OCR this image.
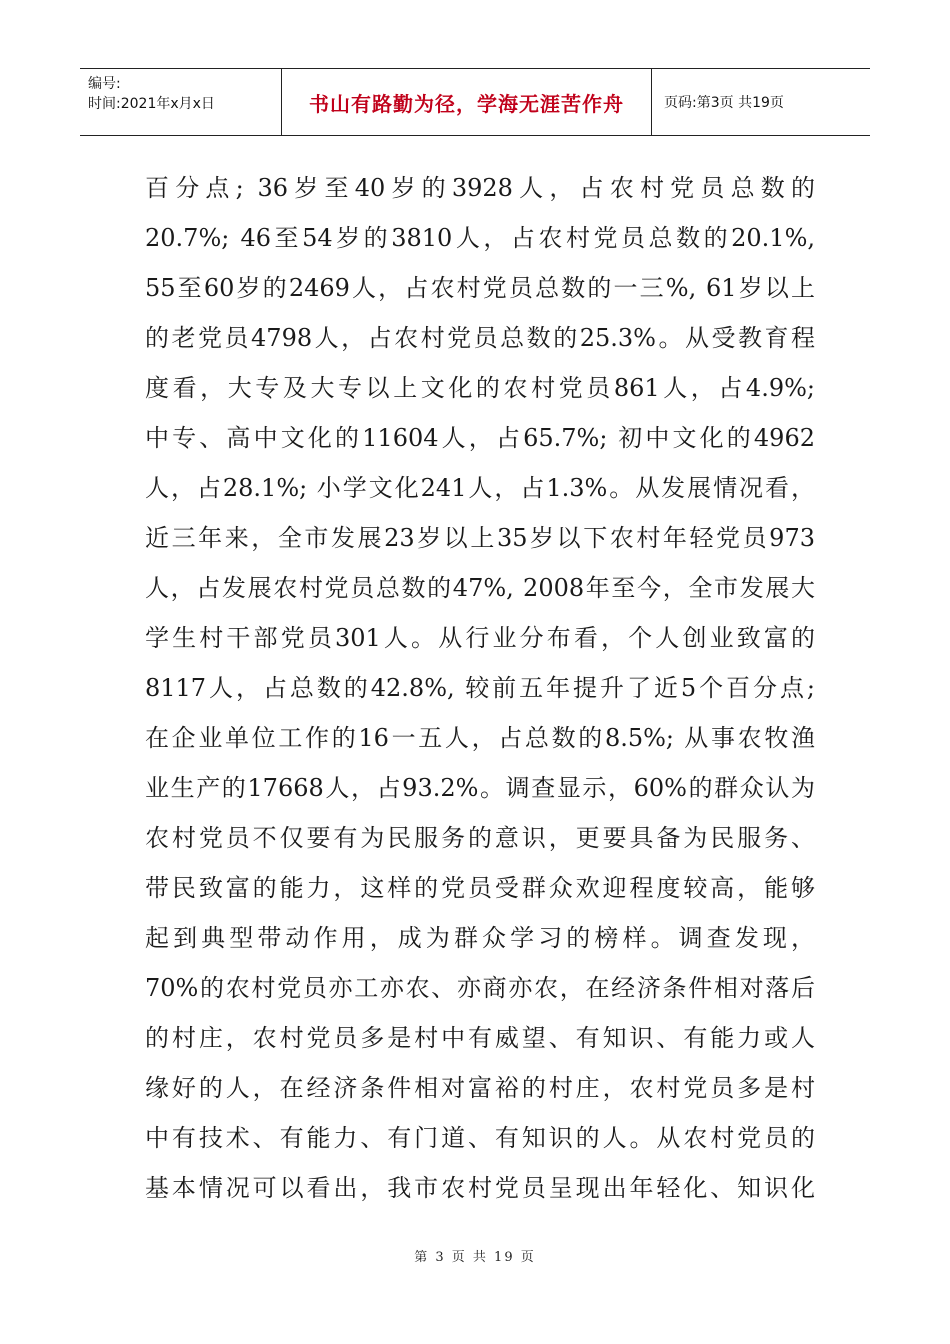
编号:
时间:2021年x月x日	书山有路勤为径，学海无涯苦作舟	页码:第3页 共19页
百分点; 36岁至40岁的3928人，占农村党员总数的
20.7%; 46至54岁的3810人，占农村党员总数的20.1%,
55至60岁的2469人，占农村党员总数的一三%, 61岁以上
的老党员4798人，占农村党员总数的25.3%。从受教育程
度看，大专及大专以上文化的农村党员861人，占4.9%;
中专、高中文化的11604人，占65.7%; 初中文化的4962
人，占28.1%; 小学文化241人，占1.3%。从发展情况看，
近三年来，全市发展23岁以上35岁以下农村年轻党员973
人，占发展农村党员总数的47%, 2008年至今，全市发展大
学生村干部党员301人。从行业分布看，个人创业致富的
8117人，占总数的42.8%, 较前五年提升了近5个百分点;
在企业单位工作的16一五人，占总数的8.5%; 从事农牧渔
业生产的17668人，占93.2%。调查显示，60%的群众认为
农村党员不仅要有为民服务的意识，更要具备为民服务、
带民致富的能力，这样的党员受群众欢迎程度较高，能够
起到典型带动作用，成为群众学习的榜样。调查发现，
70%的农村党员亦工亦农、亦商亦农，在经济条件相对落后
的村庄，农村党员多是村中有威望、有知识、有能力或人
缘好的人，在经济条件相对富裕的村庄，农村党员多是村
中有技术、有能力、有门道、有知识的人。从农村党员的
基本情况可以看出，我市农村党员呈现出年轻化、知识化
第 3 页 共 19 页
